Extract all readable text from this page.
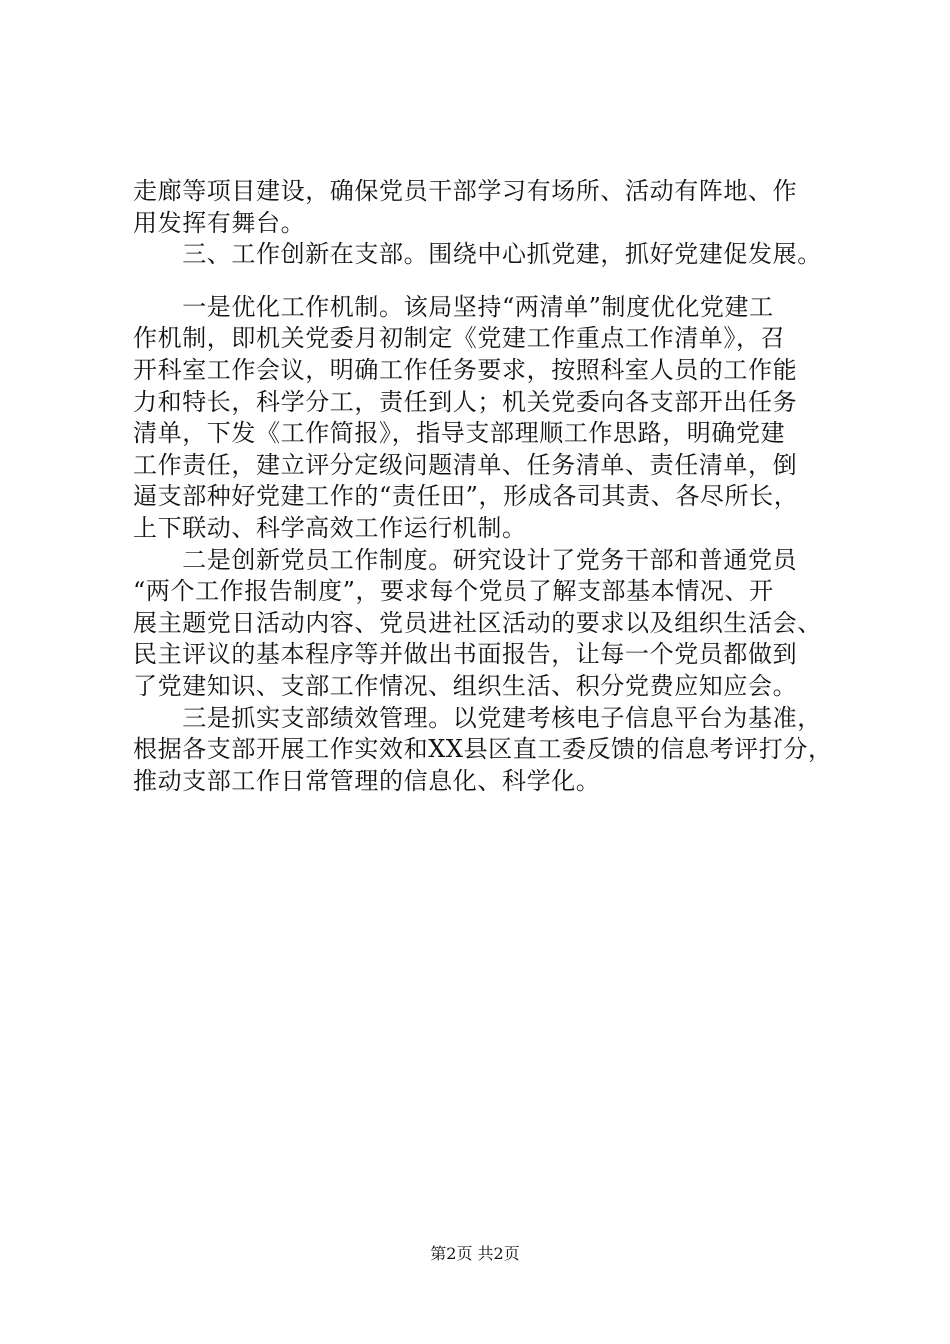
走廊等项目建设，确保党员干部学习有场所、活动有阵地、作
用发挥有舞台。
　　三、工作创新在支部。围绕中心抓党建，抓好党建促发展。
　　一是优化工作机制。该局坚持“两清单”制度优化党建工
作机制，即机关党委月初制定《党建工作重点工作清单》，召
开科室工作会议，明确工作任务要求，按照科室人员的工作能
力和特长，科学分工，责任到人；机关党委向各支部开出任务
清单，下发《工作简报》，指导支部理顺工作思路，明确党建
工作责任，建立评分定级问题清单、任务清单、责任清单，倒
逼支部种好党建工作的“责任田”，形成各司其责、各尽所长，
上下联动、科学高效工作运行机制。
　　二是创新党员工作制度。研究设计了党务干部和普通党员
“两个工作报告制度”，要求每个党员了解支部基本情况、开
展主题党日活动内容、党员进社区活动的要求以及组织生活会、
民主评议的基本程序等并做出书面报告，让每一个党员都做到
了党建知识、支部工作情况、组织生活、积分党费应知应会。
　　三是抓实支部绩效管理。以党建考核电子信息平台为基准，
根据各支部开展工作实效和XX县区直工委反馈的信息考评打分，
推动支部工作日常管理的信息化、科学化。
第2页 共2页
